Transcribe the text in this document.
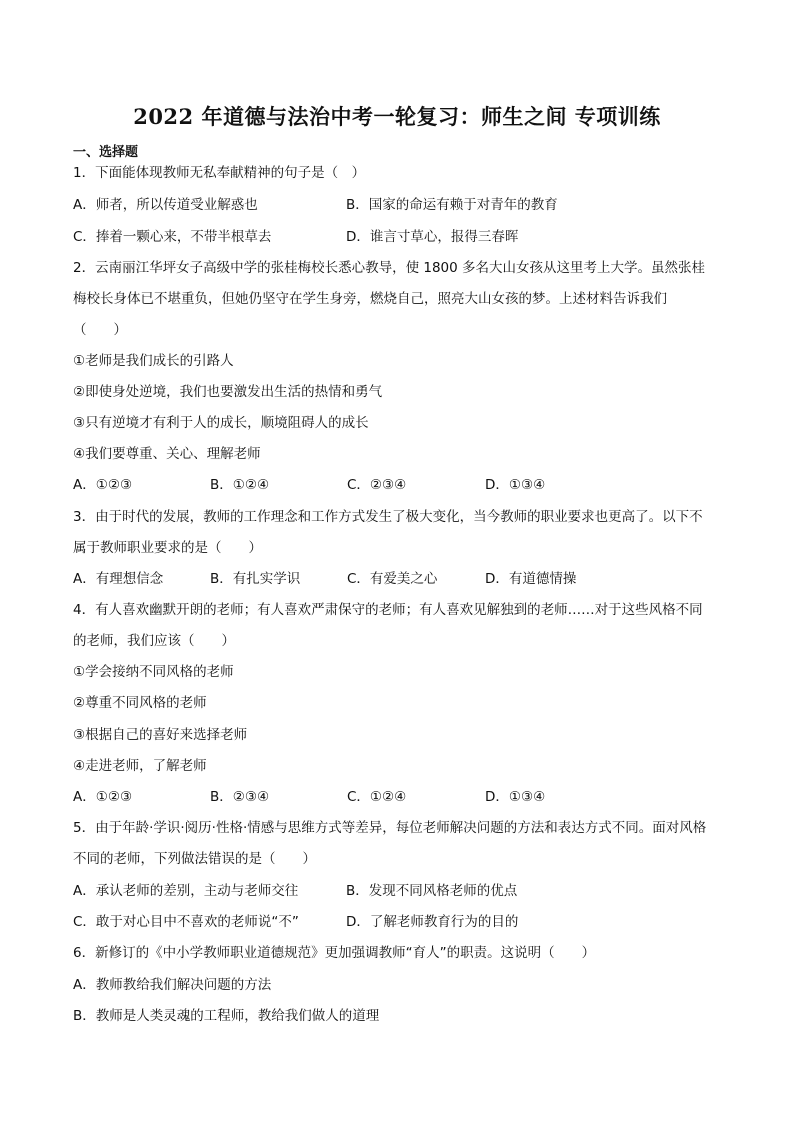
2022 年道德与法治中考一轮复习：师生之间 专项训练
一、选择题
1．下面能体现教师无私奉献精神的句子是（　）
A．师者，所以传道受业解惑也	B．国家的命运有赖于对青年的教育
C．捧着一颗心来，不带半根草去	D．谁言寸草心，报得三春晖
2．云南丽江华坪女子高级中学的张桂梅校长悉心教导，使 1800 多名大山女孩从这里考上大学。虽然张桂
梅校长身体已不堪重负，但她仍坚守在学生身旁，燃烧自己，照亮大山女孩的梦。上述材料告诉我们
（　　）
①老师是我们成长的引路人
②即使身处逆境，我们也要激发出生活的热情和勇气
③只有逆境才有利于人的成长，顺境阻碍人的成长
④我们要尊重、关心、理解老师
A．①②③	B．①②④	C．②③④	D．①③④
3．由于时代的发展，教师的工作理念和工作方式发生了极大变化，当今教师的职业要求也更高了。以下不
属于教师职业要求的是（　　）
A．有理想信念	B．有扎实学识	C．有爱美之心	D．有道德情操
4．有人喜欢幽默开朗的老师；有人喜欢严肃保守的老师；有人喜欢见解独到的老师……对于这些风格不同
的老师，我们应该（　　）
①学会接纳不同风格的老师
②尊重不同风格的老师
③根据自己的喜好来选择老师
④走进老师，了解老师
A．①②③	B．②③④	C．①②④	D．①③④
5．由于年龄·学识·阅历·性格·情感与思维方式等差异，每位老师解决问题的方法和表达方式不同。面对风格
不同的老师，下列做法错误的是（　　）
A．承认老师的差别，主动与老师交往	B．发现不同风格老师的优点
C．敢于对心目中不喜欢的老师说“不”	D．了解老师教育行为的目的
6．新修订的《中小学教师职业道德规范》更加强调教师“育人”的职责。这说明（　　）
A．教师教给我们解决问题的方法
B．教师是人类灵魂的工程师，教给我们做人的道理
